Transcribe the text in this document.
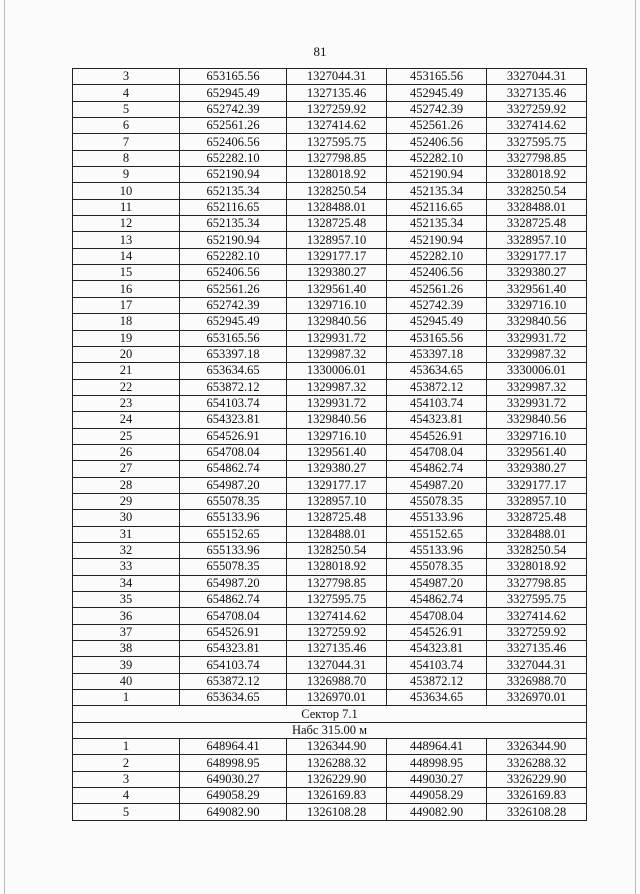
81
3	653165.56	1327044.31	453165.56	3327044.31
4	652945.49	1327135.46	452945.49	3327135.46
5	652742.39	1327259.92	452742.39	3327259.92
6	652561.26	1327414.62	452561.26	3327414.62
7	652406.56	1327595.75	452406.56	3327595.75
8	652282.10	1327798.85	452282.10	3327798.85
9	652190.94	1328018.92	452190.94	3328018.92
10	652135.34	1328250.54	452135.34	3328250.54
11	652116.65	1328488.01	452116.65	3328488.01
12	652135.34	1328725.48	452135.34	3328725.48
13	652190.94	1328957.10	452190.94	3328957.10
14	652282.10	1329177.17	452282.10	3329177.17
15	652406.56	1329380.27	452406.56	3329380.27
16	652561.26	1329561.40	452561.26	3329561.40
17	652742.39	1329716.10	452742.39	3329716.10
18	652945.49	1329840.56	452945.49	3329840.56
19	653165.56	1329931.72	453165.56	3329931.72
20	653397.18	1329987.32	453397.18	3329987.32
21	653634.65	1330006.01	453634.65	3330006.01
22	653872.12	1329987.32	453872.12	3329987.32
23	654103.74	1329931.72	454103.74	3329931.72
24	654323.81	1329840.56	454323.81	3329840.56
25	654526.91	1329716.10	454526.91	3329716.10
26	654708.04	1329561.40	454708.04	3329561.40
27	654862.74	1329380.27	454862.74	3329380.27
28	654987.20	1329177.17	454987.20	3329177.17
29	655078.35	1328957.10	455078.35	3328957.10
30	655133.96	1328725.48	455133.96	3328725.48
31	655152.65	1328488.01	455152.65	3328488.01
32	655133.96	1328250.54	455133.96	3328250.54
33	655078.35	1328018.92	455078.35	3328018.92
34	654987.20	1327798.85	454987.20	3327798.85
35	654862.74	1327595.75	454862.74	3327595.75
36	654708.04	1327414.62	454708.04	3327414.62
37	654526.91	1327259.92	454526.91	3327259.92
38	654323.81	1327135.46	454323.81	3327135.46
39	654103.74	1327044.31	454103.74	3327044.31
40	653872.12	1326988.70	453872.12	3326988.70
1	653634.65	1326970.01	453634.65	3326970.01
Сектор 7.1				
Набс 315.00 м				
1	648964.41	1326344.90	448964.41	3326344.90
2	648998.95	1326288.32	448998.95	3326288.32
3	649030.27	1326229.90	449030.27	3326229.90
4	649058.29	1326169.83	449058.29	3326169.83
5	649082.90	1326108.28	449082.90	3326108.28
